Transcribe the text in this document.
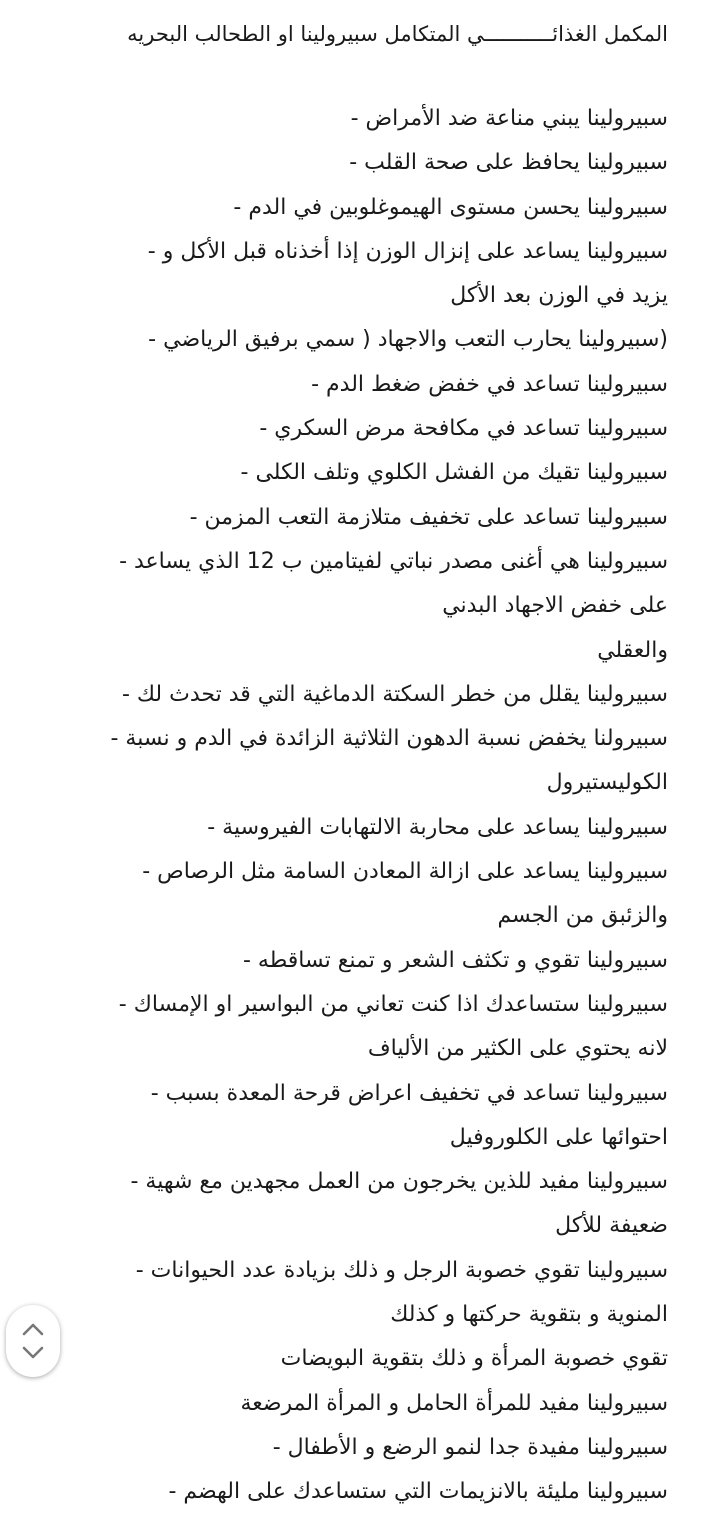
المكمل الغذائـــــــــــي المتكامل سبيرولينا او الطحالب البحريه
سبيرولينا يبني مناعة ضد الأمراض -
سبيرولينا يحافظ على صحة القلب -
سبيرولينا يحسن مستوى الهيموغلوبين في الدم -
سبيرولينا يساعد على إنزال الوزن إذا أخذناه قبل الأكل و -
يزيد في الوزن بعد الأكل
(سبيرولينا يحارب التعب والاجهاد ( سمي برفيق الرياضي -
سبيرولينا تساعد في خفض ضغط الدم -
سبيرولينا تساعد في مكافحة مرض السكري -
سبيرولينا تقيك من الفشل الكلوي وتلف الكلى -
سبيرولينا تساعد على تخفيف متلازمة التعب المزمن -
سبيرولينا هي أغنى مصدر نباتي لفيتامين ب 12 الذي يساعد -
على خفض الاجهاد البدني
والعقلي
سبيرولينا يقلل من خطر السكتة الدماغية التي قد تحدث لك -
سبيرولنا يخفض نسبة الدهون الثلاثية الزائدة في الدم و نسبة -
الكوليستيرول
سبيرولينا يساعد على محاربة الالتهابات الفيروسية -
سبيرولينا يساعد على ازالة المعادن السامة مثل الرصاص -
والزئبق من الجسم
سبيرولينا تقوي و تكثف الشعر و تمنع تساقطه -
سبيرولينا ستساعدك اذا كنت تعاني من البواسير او الإمساك -
لانه يحتوي على الكثير من الألياف
سبيرولينا تساعد في تخفيف اعراض قرحة المعدة بسبب -
احتوائها على الكلوروفيل
سبيرولينا مفيد للذين يخرجون من العمل مجهدين مع شهية -
ضعيفة للأكل
سبيرولينا تقوي خصوبة الرجل و ذلك بزيادة عدد الحيوانات -
المنوية و بتقوية حركتها و كذلك
تقوي خصوبة المرأة و ذلك بتقوية البويضات
سبيرولينا مفيد للمرأة الحامل و المرأة المرضعة
سبيرولينا مفيدة جدا لنمو الرضع و الأطفال -
سبيرولينا مليئة بالانزيمات التي ستساعدك على الهضم -
